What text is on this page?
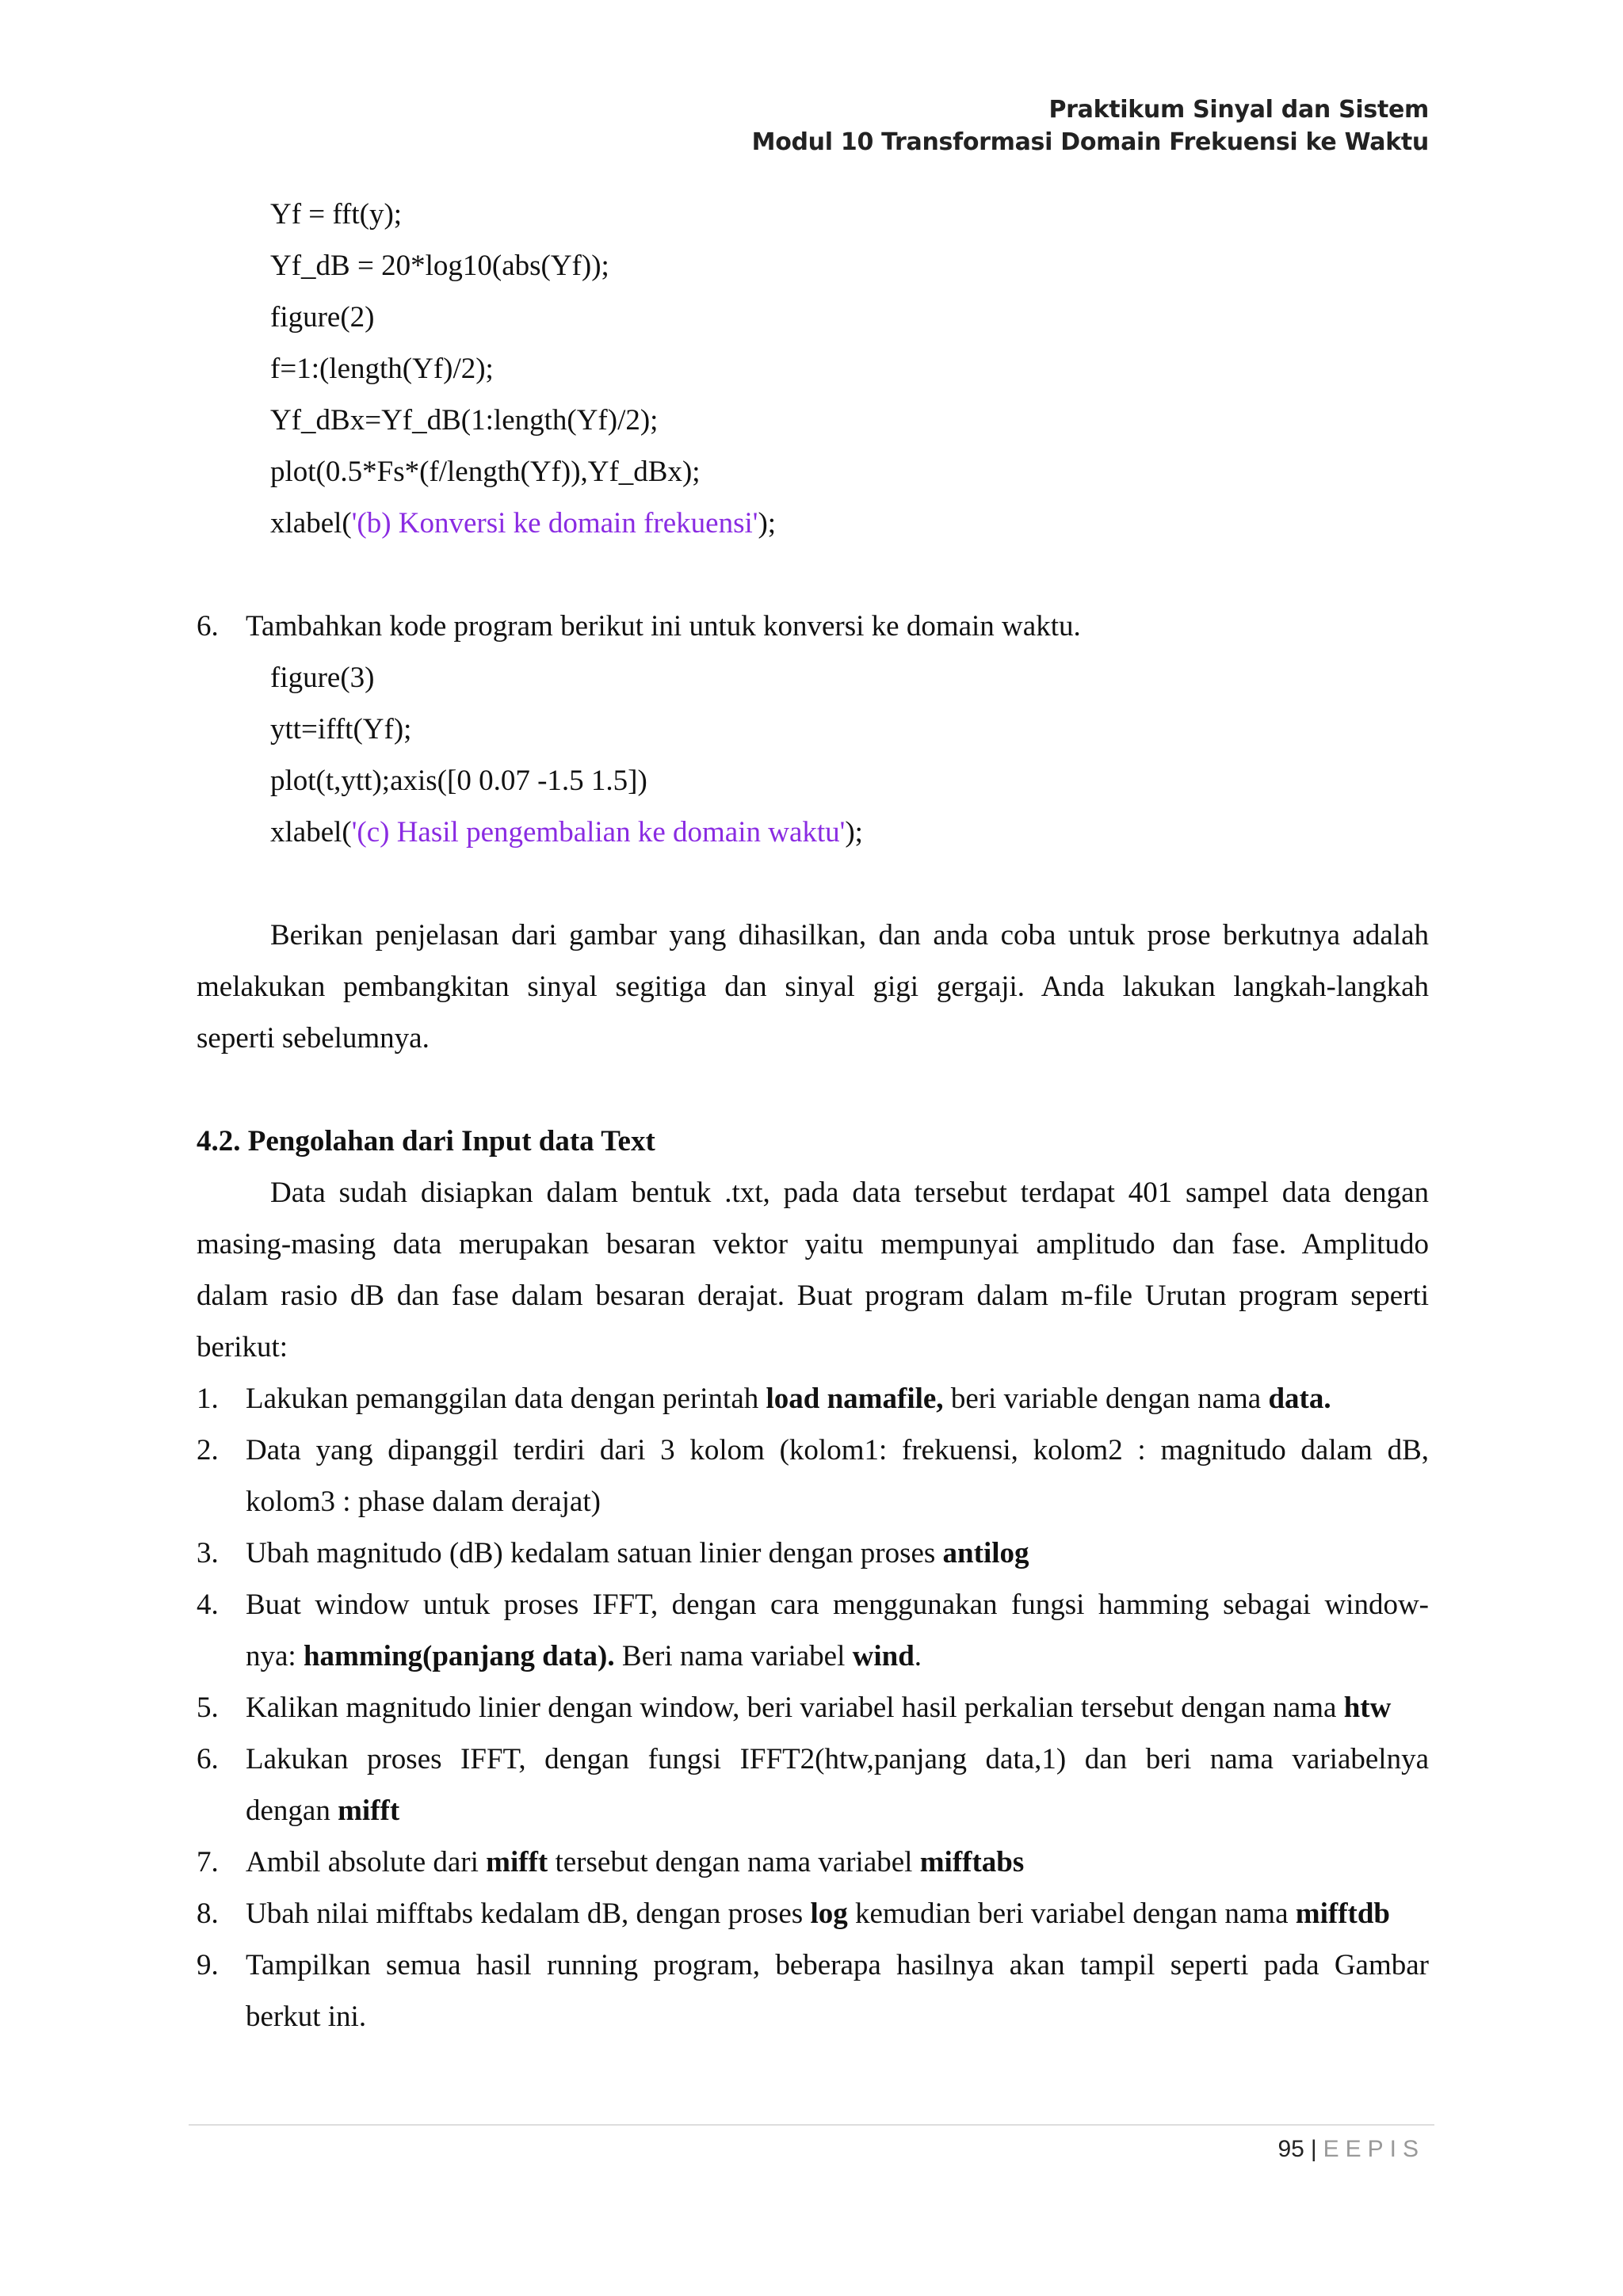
Praktikum Sinyal dan Sistem
Modul 10 Transformasi Domain Frekuensi ke Waktu
Yf = fft(y);
Yf_dB = 20*log10(abs(Yf));
figure(2)
f=1:(length(Yf)/2);
Yf_dBx=Yf_dB(1:length(Yf)/2);
plot(0.5*Fs*(f/length(Yf)),Yf_dBx);
xlabel('(b) Konversi ke domain frekuensi');
6. Tambahkan kode program berikut ini untuk konversi ke domain waktu.
figure(3)
ytt=ifft(Yf);
plot(t,ytt);axis([0 0.07 -1.5 1.5])
xlabel('(c) Hasil pengembalian ke domain waktu');
Berikan penjelasan dari gambar yang dihasilkan, dan anda coba untuk prose berkutnya adalah
melakukan pembangkitan sinyal segitiga dan sinyal gigi gergaji. Anda lakukan langkah-langkah
seperti sebelumnya.
4.2. Pengolahan dari Input data Text
Data sudah disiapkan dalam bentuk .txt, pada data tersebut terdapat 401 sampel data dengan
masing-masing data merupakan besaran vektor yaitu mempunyai amplitudo dan fase. Amplitudo
dalam rasio dB dan fase dalam besaran derajat. Buat program dalam m-file Urutan program seperti
berikut:
1. Lakukan pemanggilan data dengan perintah load namafile, beri variable dengan nama data.
2. Data yang dipanggil terdiri dari 3 kolom (kolom1: frekuensi, kolom2 : magnitudo dalam dB,
kolom3 : phase dalam derajat)
3. Ubah magnitudo (dB) kedalam satuan linier dengan proses antilog
4. Buat window untuk proses IFFT, dengan cara menggunakan fungsi hamming sebagai window-
nya: hamming(panjang data). Beri nama variabel wind.
5. Kalikan magnitudo linier dengan window, beri variabel hasil perkalian tersebut dengan nama htw
6. Lakukan proses IFFT, dengan fungsi IFFT2(htw,panjang data,1) dan beri nama variabelnya
dengan mifft
7. Ambil absolute dari mifft tersebut dengan nama variabel mifftabs
8. Ubah nilai mifftabs kedalam dB, dengan proses log kemudian beri variabel dengan nama mifftdb
9. Tampilkan semua hasil running program, beberapa hasilnya akan tampil seperti pada Gambar
berkut ini.
95 | EEPIS
